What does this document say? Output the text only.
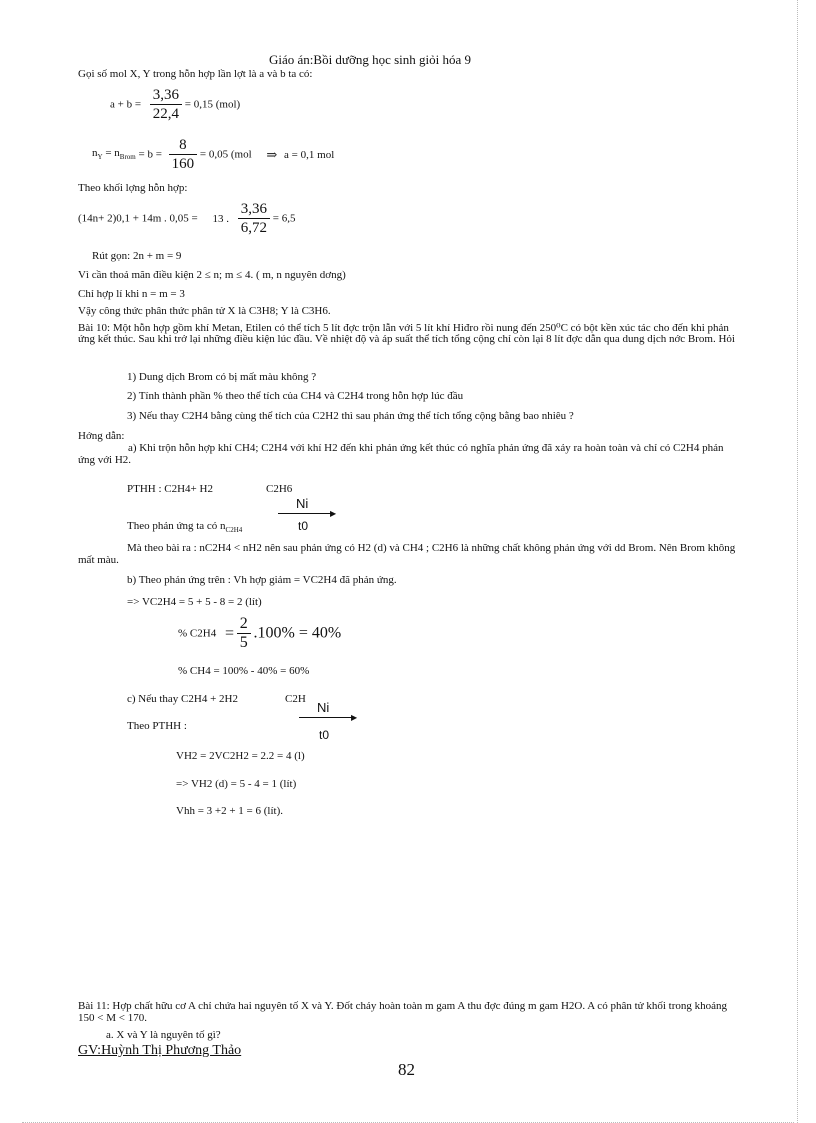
Giáo án:Bồi dưỡng học sinh giỏi hóa 9
Gọi số mol X, Y trong hỗn hợp lần lợt là a và b ta có:
$a + b = \frac{3,36}{22,4} = 0,15$ (mol)
$n_Y = n_{Brom} = b = \frac{8}{160} = 0,05$ (mol ⇒ a = 0,1 mol
Theo khối lợng hỗn hợp:
(14n+ 2)0,1 + 14m . 0,05 = 13 . $\frac{3,36}{6,72} = 6,5$
Rút gọn: 2n + m = 9
Vì cần thoả mãn điều kiện 2 ≤ n; m ≤ 4. ( m, n nguyên dơng)
Chỉ hợp lí khi n = m = 3
Vậy công thức phân thức phân tử X là C3H8; Y là C3H6.
Bài 10: Một hỗn hợp gồm khí Metan, Etilen có thể tích 5 lít đợc trộn lẫn với 5 lít khí Hiđro rồi nung đến 250⁰C có bột kền xúc tác cho đến khi phản ứng kết thúc. Sau khi trở lại những điều kiện lúc đầu. Về nhiệt độ và áp suất thể tích tổng cộng chỉ còn lại 8 lít đợc dẫn qua dung dịch nớc Brom. Hỏi
1) Dung dịch Brom có bị mất màu không ?
2) Tính thành phần % theo thể tích của CH4 và C2H4 trong hỗn hợp lúc đầu
3) Nếu thay C2H4 bằng cùng thể tích của C2H2 thì sau phản ứng thể tích tổng cộng bằng bao nhiêu ?
Hớng dẫn:
a) Khi trộn hỗn hợp khí CH4; C2H4 với khí H2 đến khi phản ứng kết thúc có nghĩa phản ứng đã xảy ra hoàn toàn và chỉ có C2H4 phản ứng với H2.
PTHH : C2H4+ H2	C2H6
Ni
▶
t0
Theo phản ứng ta có $n_{C2H4}$
Mà theo bài ra : nC2H4 < nH2 nên sau phản ứng có H2 (d) và CH4 ; C2H6 là những chất không phản ứng với dd Brom. Nên Brom không mất màu.
b) Theo phản ứng trên : Vh hợp giảm = VC2H4 đã phản ứng.
=> VC2H4 = 5 + 5 - 8 = 2 (lít)
% $C2H4 = \frac{2}{5} .100\% = 40\%$
% CH4 = 100% - 40% = 60%
c) Nếu thay C2H4 + 2H2	C2H
Ni
▶
t0
Theo PTHH :
VH2 = 2VC2H2 = 2.2 = 4 (l)
=> VH2 (d) = 5 - 4 = 1 (lít)
Vhh = 3 +2 + 1 = 6 (lít).
Bài 11: Hợp chất hữu cơ A chỉ chứa hai nguyên tố X và Y. Đốt cháy hoàn toàn m gam A thu đợc đúng m gam H2O. A có phân tử khối trong khoảng 150 < M < 170.
a. X và Y là nguyên tố gì?
GV:Huỳnh Thị Phương Thảo
82
